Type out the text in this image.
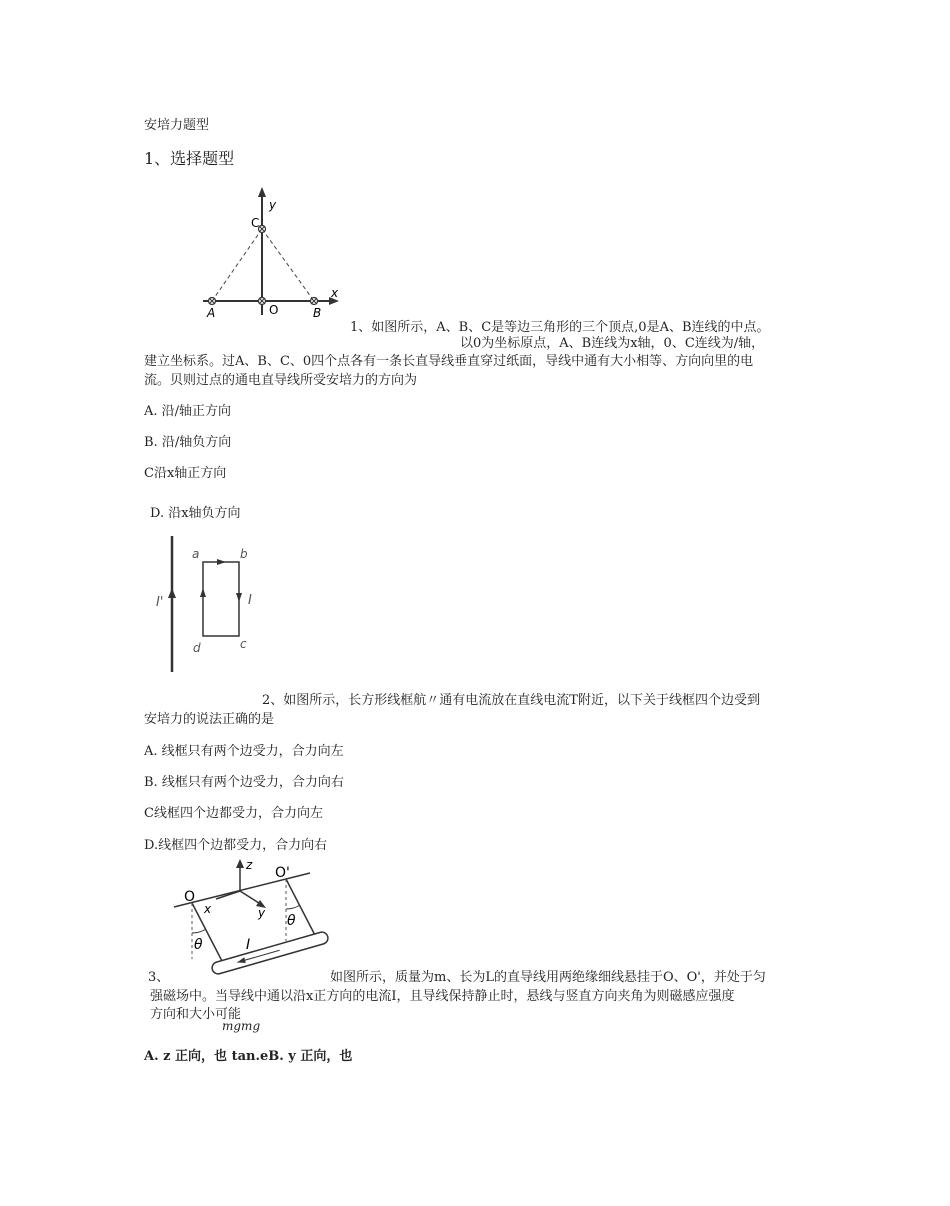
安培力题型
1、选择题型
y
C
x
A	O	B
1、如图所示，A、B、C是等边三角形的三个顶点,0是A、B连线的中点。
以0为坐标原点，A、B连线为x轴，0、C连线为/轴，
建立坐标系。过A、B、C、0四个点各有一条长直导线垂直穿过纸面，导线中通有大小相等、方向向里的电
流。贝则过点的通电直导线所受安培力的方向为
A. 沿/轴正方向
B. 沿/轴负方向
C沿x轴正方向
D. 沿x轴负方向
a	b
c
d
I'	I
2、如图所示，长方形线框航〃通有电流放在直线电流T附近，以下关于线框四个边受到
安培力的说法正确的是
A. 线框只有两个边受力，合力向左
B. 线框只有两个边受力，合力向右
C线框四个边都受力，合力向左
D.线框四个边都受力，合力向右
O
O'
z
x	y
θ
θ
I
3、	如图所示，质量为m、长为L的直导线用两绝缘细线悬挂于O、O'，并处于匀
强磁场中。当导线中通以沿x正方向的电流I，且导线保持静止时，悬线与竖直方向夹角为则磁感应强度
方向和大小可能
mgmg
A. z 正向，也 tan.eB. y 正向，也
